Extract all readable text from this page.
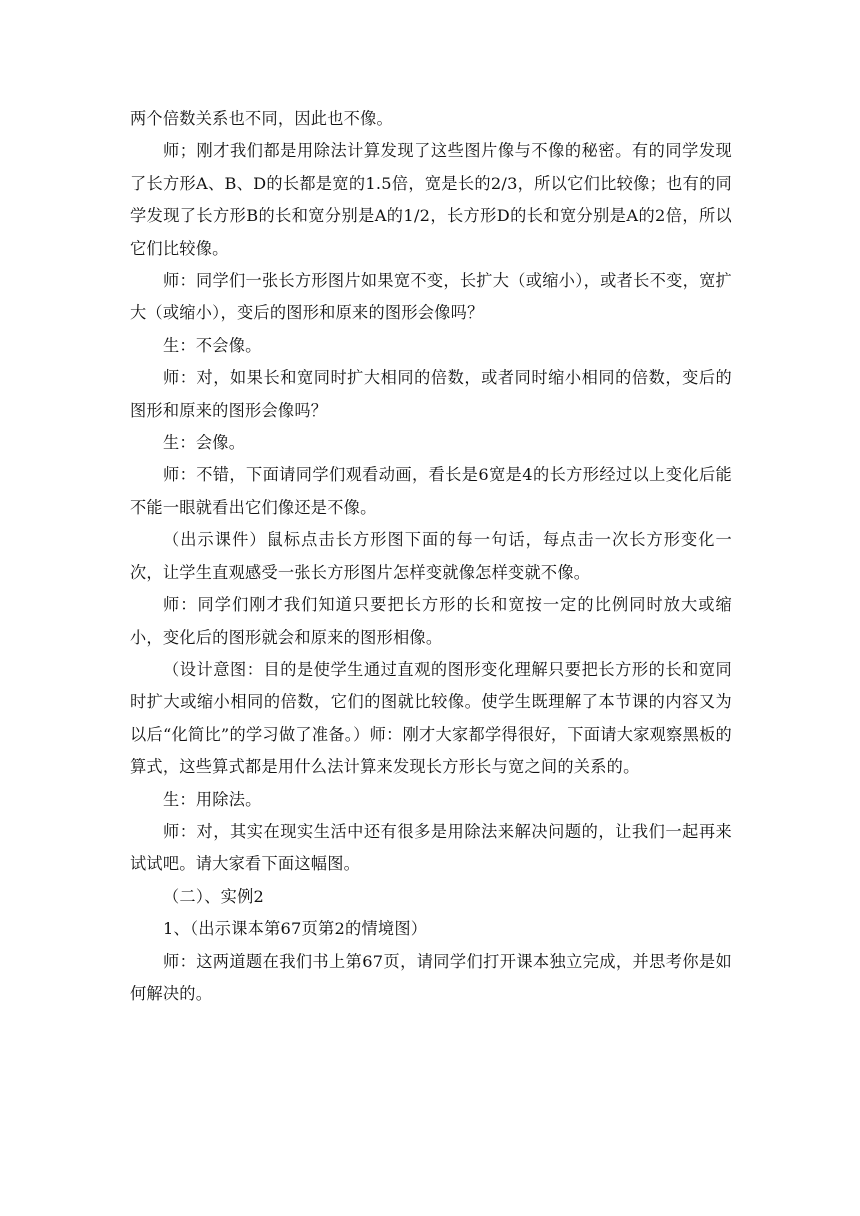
两个倍数关系也不同，因此也不像。

师；刚才我们都是用除法计算发现了这些图片像与不像的秘密。有的同学发现了长方形A、B、D的长都是宽的1.5倍，宽是长的2/3，所以它们比较像；也有的同学发现了长方形B的长和宽分别是A的1/2，长方形D的长和宽分别是A的2倍，所以它们比较像。

师：同学们一张长方形图片如果宽不变，长扩大（或缩小），或者长不变，宽扩大（或缩小），变后的图形和原来的图形会像吗？

生：不会像。

师：对，如果长和宽同时扩大相同的倍数，或者同时缩小相同的倍数，变后的图形和原来的图形会像吗？

生：会像。

师：不错，下面请同学们观看动画，看长是6宽是4的长方形经过以上变化后能不能一眼就看出它们像还是不像。

（出示课件）鼠标点击长方形图下面的每一句话，每点击一次长方形变化一次，让学生直观感受一张长方形图片怎样变就像怎样变就不像。

师：同学们刚才我们知道只要把长方形的长和宽按一定的比例同时放大或缩小，变化后的图形就会和原来的图形相像。

（设计意图：目的是使学生通过直观的图形变化理解只要把长方形的长和宽同时扩大或缩小相同的倍数，它们的图就比较像。使学生既理解了本节课的内容又为以后“化简比”的学习做了准备。）师：刚才大家都学得很好，下面请大家观察黑板的算式，这些算式都是用什么法计算来发现长方形长与宽之间的关系的。

生：用除法。

师：对，其实在现实生活中还有很多是用除法来解决问题的，让我们一起再来试试吧。请大家看下面这幅图。

（二）、实例2

1、（出示课本第67页第2的情境图）

师：这两道题在我们书上第67页，请同学们打开课本独立完成，并思考你是如何解决的。
